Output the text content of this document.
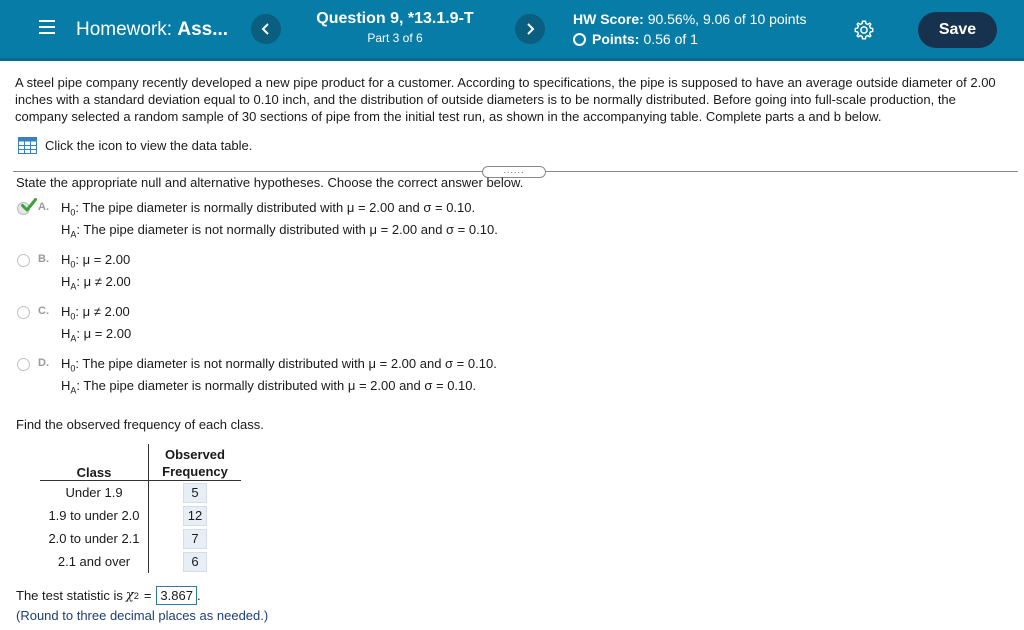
Homework: Ass...
Question 9, *13.1.9-T
Part 3 of 6
HW Score: 90.56%, 9.06 of 10 points
Points: 0.56 of 1
Save
A steel pipe company recently developed a new pipe product for a customer. According to specifications, the pipe is supposed to have an average outside diameter of 2.00 inches with a standard deviation equal to 0.10 inch, and the distribution of outside diameters is to be normally distributed. Before going into full-scale production, the company selected a random sample of 30 sections of pipe from the initial test run, as shown in the accompanying table. Complete parts a and b below.
Click the icon to view the data table.
......
State the appropriate null and alternative hypotheses. Choose the correct answer below.
A. $H_0$: The pipe diameter is normally distributed with μ = 2.00 and σ = 0.10.
$H_A$: The pipe diameter is not normally distributed with μ = 2.00 and σ = 0.10.
B. $H_0$: μ = 2.00
$H_A$: μ ≠ 2.00
C. $H_0$: μ ≠ 2.00
$H_A$: μ = 2.00
D. $H_0$: The pipe diameter is not normally distributed with μ = 2.00 and σ = 0.10.
$H_A$: The pipe diameter is normally distributed with μ = 2.00 and σ = 0.10.
Find the observed frequency of each class.
Class	Observed
Frequency

Under 1.9	5
1.9 to under 2.0	12
2.0 to under 2.1	7
2.1 and over	6
The test statistic is χ 2 = 3.867 .
(Round to three decimal places as needed.)
